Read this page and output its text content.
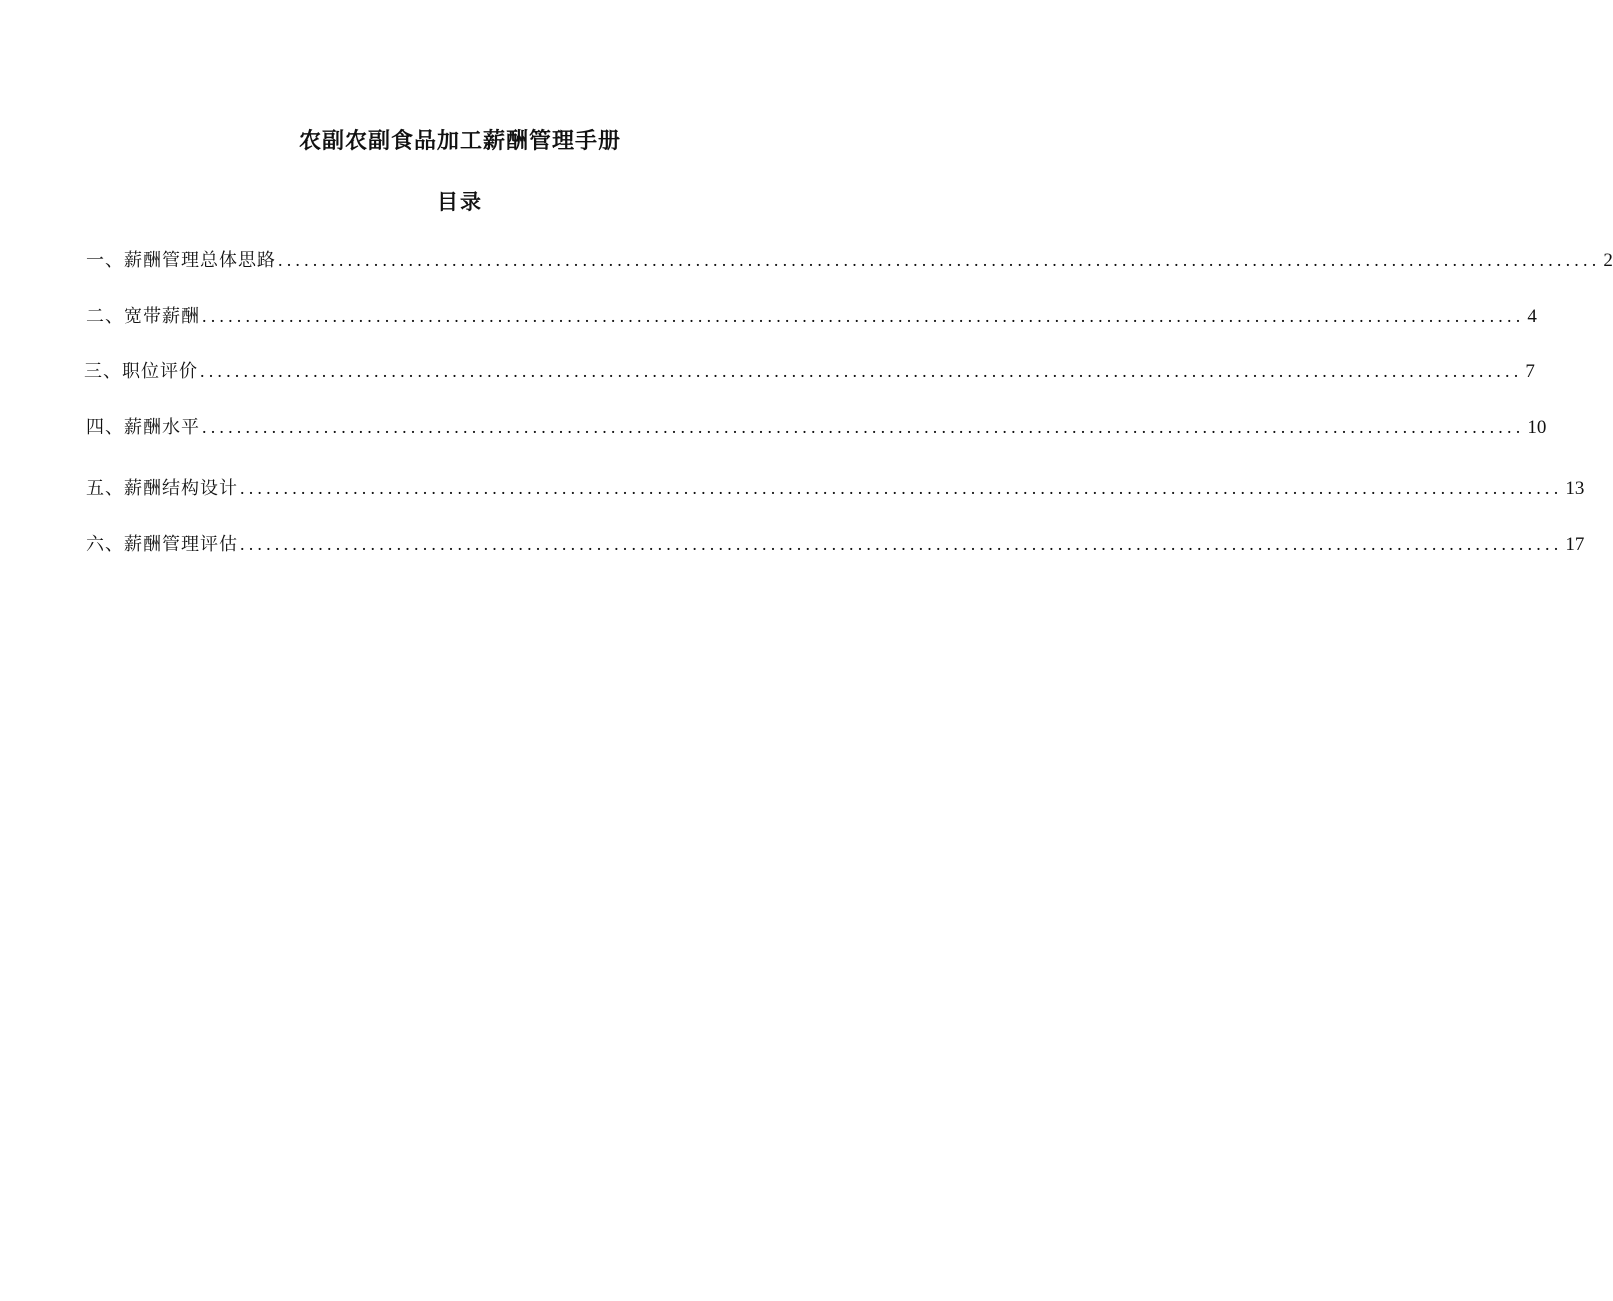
农副农副食品加工薪酬管理手册
目录
一、薪酬管理总体思路 ........................................................................................................................................................ 2
二、宽带薪酬 ........................................................................................................................................................ 4
三、职位评价 ........................................................................................................................................................ 7
四、薪酬水平 ........................................................................................................................................................ 10
五、薪酬结构设计 ........................................................................................................................................................ 13
六、薪酬管理评估 ........................................................................................................................................................ 17
